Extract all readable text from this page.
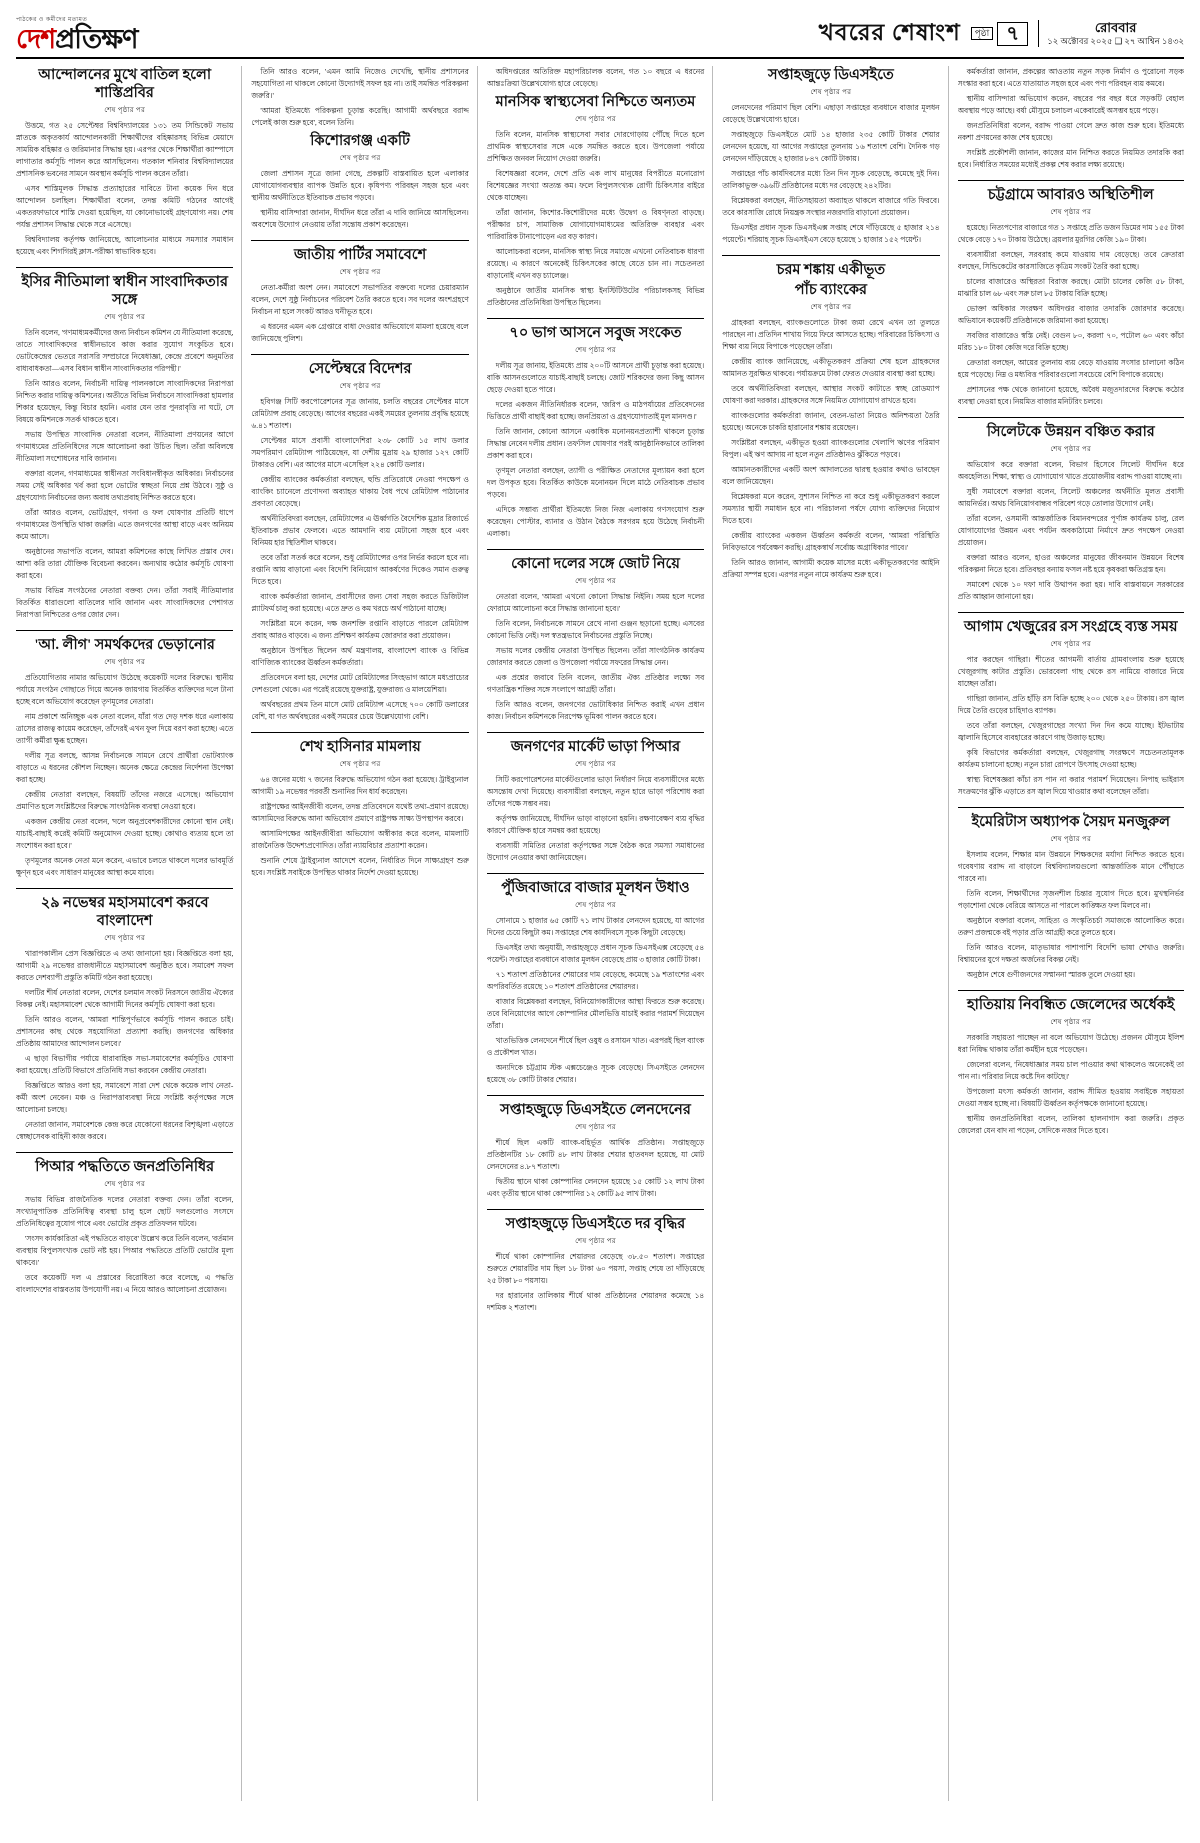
পাঠকের ও কর্মীদের মতামত
দেশপ্রতিক্ষণ	খবরের শেষাংশ	পৃষ্ঠা ৭	রোববার
১২ অক্টোবর ২০২৫ ❑ ২৭ আশ্বিন ১৪৩২
আন্দোলনের মুখে বাতিল হলো শাস্তিপ্রবির
শেষ পৃষ্ঠার পর

উত্তমে, গত ২৫ সেপ্টেম্বর বিশ্ববিদ্যালয়ের ১৩১ তম সিন্ডিকেট সভায় স্নাতকে অকৃতকার্য আন্দোলনকারী শিক্ষার্থীদের বহিষ্কারসহ বিভিন্ন মেয়াদে সাময়িক বহিষ্কার ও জরিমানার সিদ্ধান্ত হয়। এরপর থেকে শিক্ষার্থীরা ক্যাম্পাসে লাগাতার কর্মসূচি পালন করে আসছিলেন। গতকাল শনিবার বিশ্ববিদ্যালয়ের প্রশাসনিক ভবনের সামনে অবস্থান কর্মসূচি পালন করেন তাঁরা।

এসব শাস্তিমূলক সিদ্ধান্ত প্রত্যাহারের দাবিতে টানা কয়েক দিন ধরে আন্দোলন চলছিল। শিক্ষার্থীরা বলেন, তদন্ত কমিটি গঠনের আগেই একতরফাভাবে শাস্তি দেওয়া হয়েছিল, যা কোনোভাবেই গ্রহণযোগ্য নয়। শেষ পর্যন্ত প্রশাসন সিদ্ধান্ত থেকে সরে এসেছে।

বিশ্ববিদ্যালয় কর্তৃপক্ষ জানিয়েছে, আলোচনার মাধ্যমে সমস্যার সমাধান হয়েছে এবং শিগগিরই ক্লাস-পরীক্ষা স্বাভাবিক হবে।

ইসির নীতিমালা স্বাধীন সাংবাদিকতার সঙ্গে
শেষ পৃষ্ঠার পর

তিনি বলেন, 'গণমাধ্যমকর্মীদের জন্য নির্বাচন কমিশন যে নীতিমালা করেছে, তাতে সাংবাদিকদের স্বাধীনভাবে কাজ করার সুযোগ সংকুচিত হবে। ভোটকেন্দ্রের ভেতরে সরাসরি সম্প্রচারে নিষেধাজ্ঞা, কেন্দ্রে প্রবেশে অনুমতির বাধ্যবাধকতা—এসব বিধান স্বাধীন সাংবাদিকতার পরিপন্থী।'

তিনি আরও বলেন, নির্বাচনী দায়িত্ব পালনকালে সাংবাদিকদের নিরাপত্তা নিশ্চিত করার দায়িত্ব কমিশনের। অতীতে বিভিন্ন নির্বাচনে সাংবাদিকরা হামলার শিকার হয়েছেন, কিন্তু বিচার হয়নি। এবার যেন তার পুনরাবৃত্তি না ঘটে, সে বিষয়ে কমিশনকে সতর্ক থাকতে হবে।

সভায় উপস্থিত সাংবাদিক নেতারা বলেন, নীতিমালা প্রণয়নের আগে গণমাধ্যমের প্রতিনিধিদের সঙ্গে আলোচনা করা উচিত ছিল। তাঁরা অবিলম্বে নীতিমালা সংশোধনের দাবি জানান।

বক্তারা বলেন, গণমাধ্যমের স্বাধীনতা সংবিধানস্বীকৃত অধিকার। নির্বাচনের সময় সেই অধিকার খর্ব করা হলে ভোটের স্বচ্ছতা নিয়ে প্রশ্ন উঠবে। সুষ্ঠু ও গ্রহণযোগ্য নির্বাচনের জন্য অবাধ তথ্যপ্রবাহ নিশ্চিত করতে হবে।

তাঁরা আরও বলেন, ভোটগ্রহণ, গণনা ও ফল ঘোষণার প্রতিটি ধাপে গণমাধ্যমের উপস্থিতি থাকা জরুরি। এতে জনগণের আস্থা বাড়ে এবং অনিয়ম কমে আসে।

অনুষ্ঠানের সভাপতি বলেন, আমরা কমিশনের কাছে লিখিত প্রস্তাব দেব। আশা করি তারা যৌক্তিক বিবেচনা করবেন। অন্যথায় কঠোর কর্মসূচি ঘোষণা করা হবে।

সভায় বিভিন্ন সংগঠনের নেতারা বক্তব্য দেন। তাঁরা সবাই নীতিমালার বিতর্কিত ধারাগুলো বাতিলের দাবি জানান এবং সাংবাদিকদের পেশাগত নিরাপত্তা নিশ্চিতের ওপর জোর দেন।

'আ. লীগ' সমর্থকদের ভেড়ানোর
শেষ পৃষ্ঠার পর

প্রতিযোগিতায় নামার অভিযোগ উঠেছে কয়েকটি দলের বিরুদ্ধে। স্থানীয় পর্যায়ে সংগঠন গোছাতে গিয়ে অনেক জায়গায় বিতর্কিত ব্যক্তিদের দলে টানা হচ্ছে বলে অভিযোগ করেছেন তৃণমূলের নেতারা।

নাম প্রকাশে অনিচ্ছুক এক নেতা বলেন, যাঁরা গত দেড় দশক ধরে এলাকায় ত্রাসের রাজত্ব কায়েম করেছেন, তাঁদেরই এখন ফুল দিয়ে বরণ করা হচ্ছে। এতে ত্যাগী কর্মীরা ক্ষুব্ধ হচ্ছেন।

দলীয় সূত্র বলছে, আসন্ন নির্বাচনকে সামনে রেখে প্রার্থীরা ভোটব্যাংক বাড়াতে এ ধরনের কৌশল নিচ্ছেন। অনেক ক্ষেত্রে কেন্দ্রের নির্দেশনা উপেক্ষা করা হচ্ছে।

কেন্দ্রীয় নেতারা বলছেন, বিষয়টি তাঁদের নজরে এসেছে। অভিযোগ প্রমাণিত হলে সংশ্লিষ্টদের বিরুদ্ধে সাংগঠনিক ব্যবস্থা নেওয়া হবে।

একজন কেন্দ্রীয় নেতা বলেন, 'দলে অনুপ্রবেশকারীদের কোনো স্থান নেই। যাচাই-বাছাই করেই কমিটি অনুমোদন দেওয়া হচ্ছে। কোথাও ব্যত্যয় হলে তা সংশোধন করা হবে।'

তৃণমূলের অনেক নেতা মনে করেন, এভাবে চলতে থাকলে দলের ভাবমূর্তি ক্ষুণ্ন হবে এবং সাধারণ মানুষের আস্থা কমে যাবে।

২৯ নভেম্বর মহাসমাবেশ করবে বাংলাদেশ
শেষ পৃষ্ঠার পর

খারাপকালীন প্রেস বিজ্ঞপ্তিতে এ তথ্য জানানো হয়। বিজ্ঞপ্তিতে বলা হয়, আগামী ২৯ নভেম্বর রাজধানীতে মহাসমাবেশ অনুষ্ঠিত হবে। সমাবেশ সফল করতে দেশব্যাপী প্রস্তুতি কমিটি গঠন করা হয়েছে।

দলটির শীর্ষ নেতারা বলেন, দেশের চলমান সংকট নিরসনে জাতীয় ঐক্যের বিকল্প নেই। মহাসমাবেশ থেকে আগামী দিনের কর্মসূচি ঘোষণা করা হবে।

তিনি আরও বলেন, 'আমরা শান্তিপূর্ণভাবে কর্মসূচি পালন করতে চাই। প্রশাসনের কাছ থেকে সহযোগিতা প্রত্যাশা করছি। জনগণের অধিকার প্রতিষ্ঠায় আমাদের আন্দোলন চলবে।'

এ ছাড়া বিভাগীয় পর্যায়ে ধারাবাহিক সভা-সমাবেশের কর্মসূচিও ঘোষণা করা হয়েছে। প্রতিটি বিভাগে প্রতিনিধি সভা করবেন কেন্দ্রীয় নেতারা।

বিজ্ঞপ্তিতে আরও বলা হয়, সমাবেশে সারা দেশ থেকে কয়েক লাখ নেতা-কর্মী অংশ নেবেন। মঞ্চ ও নিরাপত্তাব্যবস্থা নিয়ে সংশ্লিষ্ট কর্তৃপক্ষের সঙ্গে আলোচনা চলছে।

নেতারা জানান, সমাবেশকে কেন্দ্র করে যেকোনো ধরনের বিশৃঙ্খলা এড়াতে স্বেচ্ছাসেবক বাহিনী কাজ করবে।

পিআর পদ্ধতিতে জনপ্রতিনিধির
শেষ পৃষ্ঠার পর

সভায় বিভিন্ন রাজনৈতিক দলের নেতারা বক্তব্য দেন। তাঁরা বলেন, সংখ্যানুপাতিক প্রতিনিধিত্ব ব্যবস্থা চালু হলে ছোট দলগুলোও সংসদে প্রতিনিধিত্বের সুযোগ পাবে এবং ভোটের প্রকৃত প্রতিফলন ঘটবে।

'সংসদ কার্যকারিতা এই পদ্ধতিতে বাড়বে' উল্লেখ করে তিনি বলেন, 'বর্তমান ব্যবস্থায় বিপুলসংখ্যক ভোট নষ্ট হয়। পিআর পদ্ধতিতে প্রতিটি ভোটের মূল্য থাকবে।'

তবে কয়েকটি দল এ প্রস্তাবের বিরোধিতা করে বলেছে, এ পদ্ধতি বাংলাদেশের বাস্তবতায় উপযোগী নয়। এ নিয়ে আরও আলোচনা প্রয়োজন।

তিনি আরও বলেন, 'এমন আমি নিজেও দেখেছি, স্থানীয় প্রশাসনের সহযোগিতা না থাকলে কোনো উদ্যোগই সফল হয় না। তাই সমন্বিত পরিকল্পনা জরুরি।'

'আমরা ইতিমধ্যে পরিকল্পনা চূড়ান্ত করেছি। আগামী অর্থবছরে বরাদ্দ পেলেই কাজ শুরু হবে', বলেন তিনি।

কিশোরগঞ্জ একটি
শেষ পৃষ্ঠার পর

জেলা প্রশাসন সূত্রে জানা গেছে, প্রকল্পটি বাস্তবায়িত হলে এলাকার যোগাযোগব্যবস্থার ব্যাপক উন্নতি হবে। কৃষিপণ্য পরিবহন সহজ হবে এবং স্থানীয় অর্থনীতিতে ইতিবাচক প্রভাব পড়বে।

স্থানীয় বাসিন্দারা জানান, দীর্ঘদিন ধরে তাঁরা এ দাবি জানিয়ে আসছিলেন। অবশেষে উদ্যোগ নেওয়ায় তাঁরা সন্তোষ প্রকাশ করেছেন।

জাতীয় পার্টির সমাবেশে
শেষ পৃষ্ঠার পর

নেতা-কর্মীরা অংশ নেন। সমাবেশে সভাপতির বক্তব্যে দলের চেয়ারম্যান বলেন, দেশে সুষ্ঠু নির্বাচনের পরিবেশ তৈরি করতে হবে। সব দলের অংশগ্রহণে নির্বাচন না হলে সংকট আরও ঘনীভূত হবে।

এ ধরনের এমন এক গ্রেপ্তারে বাধা দেওয়ার অভিযোগে মামলা হয়েছে বলে জানিয়েছে পুলিশ।

সেপ্টেম্বরে বিদেশর
শেষ পৃষ্ঠার পর

হবিগঞ্জ সিটি করপোরেশনের সূত্র জানায়, চলতি বছরের সেপ্টেম্বর মাসে রেমিট্যান্স প্রবাহ বেড়েছে। আগের বছরের একই সময়ের তুলনায় প্রবৃদ্ধি হয়েছে ৬.৪১ শতাংশ।

সেপ্টেম্বর মাসে প্রবাসী বাংলাদেশিরা ২৩৮ কোটি ১৫ লাখ ডলার সমপরিমাণ রেমিট্যান্স পাঠিয়েছেন, যা দেশীয় মুদ্রায় ২৯ হাজার ১২৭ কোটি টাকারও বেশি। এর আগের মাসে এসেছিল ২২৪ কোটি ডলার।

কেন্দ্রীয় ব্যাংকের কর্মকর্তারা বলছেন, হুন্ডি প্রতিরোধে নেওয়া পদক্ষেপ ও ব্যাংকিং চ্যানেলে প্রণোদনা অব্যাহত থাকায় বৈধ পথে রেমিট্যান্স পাঠানোর প্রবণতা বেড়েছে।

অর্থনীতিবিদরা বলছেন, রেমিট্যান্সের এ ঊর্ধ্বগতি বৈদেশিক মুদ্রার রিজার্ভে ইতিবাচক প্রভাব ফেলবে। এতে আমদানি ব্যয় মেটানো সহজ হবে এবং বিনিময় হার স্থিতিশীল থাকবে।

তবে তাঁরা সতর্ক করে বলেন, শুধু রেমিট্যান্সের ওপর নির্ভর করলে হবে না। রপ্তানি আয় বাড়ানো এবং বিদেশি বিনিয়োগ আকর্ষণের দিকেও সমান গুরুত্ব দিতে হবে।

ব্যাংক কর্মকর্তারা জানান, প্রবাসীদের জন্য সেবা সহজ করতে ডিজিটাল প্ল্যাটফর্ম চালু করা হয়েছে। এতে দ্রুত ও কম খরচে অর্থ পাঠানো যাচ্ছে।

সংশ্লিষ্টরা মনে করেন, দক্ষ জনশক্তি রপ্তানি বাড়াতে পারলে রেমিট্যান্স প্রবাহ আরও বাড়বে। এ জন্য প্রশিক্ষণ কার্যক্রম জোরদার করা প্রয়োজন।

অনুষ্ঠানে উপস্থিত ছিলেন অর্থ মন্ত্রণালয়, বাংলাদেশ ব্যাংক ও বিভিন্ন বাণিজ্যিক ব্যাংকের ঊর্ধ্বতন কর্মকর্তারা।

প্রতিবেদনে বলা হয়, দেশের মোট রেমিট্যান্সের সিংহভাগ আসে মধ্যপ্রাচ্যের দেশগুলো থেকে। এর পরেই রয়েছে যুক্তরাষ্ট্র, যুক্তরাজ্য ও মালয়েশিয়া।

অর্থবছরের প্রথম তিন মাসে মোট রেমিট্যান্স এসেছে ৭০০ কোটি ডলারের বেশি, যা গত অর্থবছরের একই সময়ের চেয়ে উল্লেখযোগ্য বেশি।

শেখ হাসিনার মামলায়
শেষ পৃষ্ঠার পর

৬৪ জনের মধ্যে ৭ জনের বিরুদ্ধে অভিযোগ গঠন করা হয়েছে। ট্রাইব্যুনাল আগামী ১৯ নভেম্বর পরবর্তী শুনানির দিন ধার্য করেছেন।

রাষ্ট্রপক্ষের আইনজীবী বলেন, তদন্ত প্রতিবেদনে যথেষ্ট তথ্য-প্রমাণ রয়েছে। আসামিদের বিরুদ্ধে আনা অভিযোগ প্রমাণে রাষ্ট্রপক্ষ সাক্ষ্য উপস্থাপন করবে।

আসামিপক্ষের আইনজীবীরা অভিযোগ অস্বীকার করে বলেন, মামলাটি রাজনৈতিক উদ্দেশ্যপ্রণোদিত। তাঁরা ন্যায়বিচার প্রত্যাশা করেন।

শুনানি শেষে ট্রাইব্যুনাল আদেশে বলেন, নির্ধারিত দিনে সাক্ষ্যগ্রহণ শুরু হবে। সংশ্লিষ্ট সবাইকে উপস্থিত থাকার নির্দেশ দেওয়া হয়েছে।

অধিদপ্তরের অতিরিক্ত মহাপরিচালক বলেন, গত ১০ বছরে এ ধরনের আন্তঃক্রিয়া উল্লেখযোগ্য হারে বেড়েছে।

মানসিক স্বাস্থ্যসেবা নিশ্চিতে অন্যতম
শেষ পৃষ্ঠার পর

তিনি বলেন, মানসিক স্বাস্থ্যসেবা সবার দোরগোড়ায় পৌঁছে দিতে হলে প্রাথমিক স্বাস্থ্যসেবার সঙ্গে একে সমন্বিত করতে হবে। উপজেলা পর্যায়ে প্রশিক্ষিত জনবল নিয়োগ দেওয়া জরুরি।

বিশেষজ্ঞরা বলেন, দেশে প্রতি এক লাখ মানুষের বিপরীতে মনোরোগ বিশেষজ্ঞের সংখ্যা অত্যন্ত কম। ফলে বিপুলসংখ্যক রোগী চিকিৎসার বাইরে থেকে যাচ্ছেন।

তাঁরা জানান, কিশোর-কিশোরীদের মধ্যে উদ্বেগ ও বিষণ্নতা বাড়ছে। পরীক্ষার চাপ, সামাজিক যোগাযোগমাধ্যমের অতিরিক্ত ব্যবহার এবং পারিবারিক টানাপোড়েন এর বড় কারণ।

আলোচকরা বলেন, মানসিক স্বাস্থ্য নিয়ে সমাজে এখনো নেতিবাচক ধারণা রয়েছে। এ কারণে অনেকেই চিকিৎসকের কাছে যেতে চান না। সচেতনতা বাড়ানোই এখন বড় চ্যালেঞ্জ।

অনুষ্ঠানে জাতীয় মানসিক স্বাস্থ্য ইনস্টিটিউটের পরিচালকসহ বিভিন্ন প্রতিষ্ঠানের প্রতিনিধিরা উপস্থিত ছিলেন।

৭০ ভাগ আসনে সবুজ সংকেত
শেষ পৃষ্ঠার পর

দলীয় সূত্র জানায়, ইতিমধ্যে প্রায় ২০০টি আসনে প্রার্থী চূড়ান্ত করা হয়েছে। বাকি আসনগুলোতে যাচাই-বাছাই চলছে। জোট শরিকদের জন্য কিছু আসন ছেড়ে দেওয়া হতে পারে।

দলের একজন নীতিনির্ধারক বলেন, 'জরিপ ও মাঠপর্যায়ের প্রতিবেদনের ভিত্তিতে প্রার্থী বাছাই করা হচ্ছে। জনপ্রিয়তা ও গ্রহণযোগ্যতাই মূল মানদণ্ড।'

তিনি জানান, কোনো আসনে একাধিক মনোনয়নপ্রত্যাশী থাকলে চূড়ান্ত সিদ্ধান্ত নেবেন দলীয় প্রধান। তফসিল ঘোষণার পরই আনুষ্ঠানিকভাবে তালিকা প্রকাশ করা হবে।

তৃণমূল নেতারা বলছেন, ত্যাগী ও পরীক্ষিত নেতাদের মূল্যায়ন করা হলে দল উপকৃত হবে। বিতর্কিত কাউকে মনোনয়ন দিলে মাঠে নেতিবাচক প্রভাব পড়বে।

এদিকে সম্ভাব্য প্রার্থীরা ইতিমধ্যে নিজ নিজ এলাকায় গণসংযোগ শুরু করেছেন। পোস্টার, ব্যানার ও উঠান বৈঠকে সরগরম হয়ে উঠেছে নির্বাচনী এলাকা।

কোনো দলের সঙ্গে জোট নিয়ে
শেষ পৃষ্ঠার পর

নেতারা বলেন, 'আমরা এখনো কোনো সিদ্ধান্ত নিইনি। সময় হলে দলের ফোরামে আলোচনা করে সিদ্ধান্ত জানানো হবে।'

তিনি বলেন, নির্বাচনকে সামনে রেখে নানা গুঞ্জন ছড়ানো হচ্ছে। এসবের কোনো ভিত্তি নেই। দল স্বতন্ত্রভাবে নির্বাচনের প্রস্তুতি নিচ্ছে।

সভায় দলের কেন্দ্রীয় নেতারা উপস্থিত ছিলেন। তাঁরা সাংগঠনিক কার্যক্রম জোরদার করতে জেলা ও উপজেলা পর্যায়ে সফরের সিদ্ধান্ত নেন।

এক প্রশ্নের জবাবে তিনি বলেন, জাতীয় ঐক্য প্রতিষ্ঠার লক্ষ্যে সব গণতান্ত্রিক শক্তির সঙ্গে সংলাপে আগ্রহী তাঁরা।

তিনি আরও বলেন, জনগণের ভোটাধিকার নিশ্চিত করাই এখন প্রধান কাজ। নির্বাচন কমিশনকে নিরপেক্ষ ভূমিকা পালন করতে হবে।

জনগণের মার্কেট ভাড়া পিআর
শেষ পৃষ্ঠার পর

সিটি করপোরেশনের মার্কেটগুলোর ভাড়া নির্ধারণ নিয়ে ব্যবসায়ীদের মধ্যে অসন্তোষ দেখা দিয়েছে। ব্যবসায়ীরা বলছেন, নতুন হারে ভাড়া পরিশোধ করা তাঁদের পক্ষে সম্ভব নয়।

কর্তৃপক্ষ জানিয়েছে, দীর্ঘদিন ভাড়া বাড়ানো হয়নি। রক্ষণাবেক্ষণ ব্যয় বৃদ্ধির কারণে যৌক্তিক হারে সমন্বয় করা হয়েছে।

ব্যবসায়ী সমিতির নেতারা কর্তৃপক্ষের সঙ্গে বৈঠক করে সমস্যা সমাধানের উদ্যোগ নেওয়ার কথা জানিয়েছেন।

পুঁজিবাজারে বাজার মূলধন উধাও
শেষ পৃষ্ঠার পর

সোনামে ১ হাজার ৬৫ কোটি ৭১ লাখ টাকার লেনদেন হয়েছে, যা আগের দিনের চেয়ে কিছুটা কম। সপ্তাহের শেষ কার্যদিবসে সূচক কিছুটা বেড়েছে।

ডিএসইর তথ্য অনুযায়ী, সপ্তাহজুড়ে প্রধান সূচক ডিএসইএক্স বেড়েছে ৫৪ পয়েন্ট। সপ্তাহের ব্যবধানে বাজার মূলধন বেড়েছে প্রায় ৩ হাজার কোটি টাকা।

৭১ শতাংশ প্রতিষ্ঠানের শেয়ারের দাম বেড়েছে, কমেছে ১৯ শতাংশের এবং অপরিবর্তিত রয়েছে ১০ শতাংশ প্রতিষ্ঠানের শেয়ারদর।

বাজার বিশ্লেষকরা বলছেন, বিনিয়োগকারীদের আস্থা ফিরতে শুরু করেছে। তবে বিনিয়োগের আগে কোম্পানির মৌলভিত্তি যাচাই করার পরামর্শ দিয়েছেন তাঁরা।

খাতভিত্তিক লেনদেনে শীর্ষে ছিল ওষুধ ও রসায়ন খাত। এরপরই ছিল ব্যাংক ও প্রকৌশল খাত।

অন্যদিকে চট্টগ্রাম স্টক এক্সচেঞ্জেও সূচক বেড়েছে। সিএসইতে লেনদেন হয়েছে ৩৮ কোটি টাকার শেয়ার।

সপ্তাহজুড়ে ডিএসইতে লেনদেনের
শেষ পৃষ্ঠার পর

শীর্ষে ছিল একটি ব্যাংক-বহির্ভূত আর্থিক প্রতিষ্ঠান। সপ্তাহজুড়ে প্রতিষ্ঠানটির ১৮ কোটি ৪৮ লাখ টাকার শেয়ার হাতবদল হয়েছে, যা মোট লেনদেনের ৪.৮৭ শতাংশ।

দ্বিতীয় স্থানে থাকা কোম্পানির লেনদেন হয়েছে ১৫ কোটি ১২ লাখ টাকা এবং তৃতীয় স্থানে থাকা কোম্পানির ১২ কোটি ৯৫ লাখ টাকা।

সপ্তাহজুড়ে ডিএসইতে দর বৃদ্ধির
শেষ পৃষ্ঠার পর

শীর্ষে থাকা কোম্পানির শেয়ারদর বেড়েছে ৩৮.৫০ শতাংশ। সপ্তাহের শুরুতে শেয়ারটির দাম ছিল ১৮ টাকা ৬০ পয়সা, সপ্তাহ শেষে তা দাঁড়িয়েছে ২৫ টাকা ৮০ পয়সায়।

দর হারানোর তালিকায় শীর্ষে থাকা প্রতিষ্ঠানের শেয়ারদর কমেছে ১৪ দশমিক ২ শতাংশ।

সপ্তাহজুড়ে ডিএসইতে
শেষ পৃষ্ঠার পর

লেনদেনের পরিমাণ ছিল বেশি। এছাড়া সপ্তাহের ব্যবধানে বাজার মূলধন বেড়েছে উল্লেখযোগ্য হারে।

সপ্তাহজুড়ে ডিএসইতে মোট ১৪ হাজার ২৩৫ কোটি টাকার শেয়ার লেনদেন হয়েছে, যা আগের সপ্তাহের তুলনায় ১৬ শতাংশ বেশি। দৈনিক গড় লেনদেন দাঁড়িয়েছে ২ হাজার ৮৪৭ কোটি টাকায়।

সপ্তাহের পাঁচ কার্যদিবসের মধ্যে তিন দিন সূচক বেড়েছে, কমেছে দুই দিন। তালিকাভুক্ত ৩৯৬টি প্রতিষ্ঠানের মধ্যে দর বেড়েছে ২৪২টির।

বিশ্লেষকরা বলছেন, নীতিসহায়তা অব্যাহত থাকলে বাজারে গতি ফিরবে। তবে কারসাজি রোধে নিয়ন্ত্রক সংস্থার নজরদারি বাড়ানো প্রয়োজন।

ডিএসইর প্রধান সূচক ডিএসইএক্স সপ্তাহ শেষে দাঁড়িয়েছে ৫ হাজার ২১৪ পয়েন্টে। শরিয়াহ সূচক ডিএসইএস বেড়ে হয়েছে ১ হাজার ১৫২ পয়েন্ট।

চরম শঙ্কায় একীভূত
পাঁচ ব্যাংকের
শেষ পৃষ্ঠার পর

গ্রাহকরা বলছেন, ব্যাংকগুলোতে টাকা জমা রেখে এখন তা তুলতে পারছেন না। প্রতিদিন শাখায় গিয়ে ফিরে আসতে হচ্ছে। পরিবারের চিকিৎসা ও শিক্ষা ব্যয় নিয়ে বিপাকে পড়েছেন তাঁরা।

কেন্দ্রীয় ব্যাংক জানিয়েছে, একীভূতকরণ প্রক্রিয়া শেষ হলে গ্রাহকদের আমানত সুরক্ষিত থাকবে। পর্যায়ক্রমে টাকা ফেরত দেওয়ার ব্যবস্থা করা হচ্ছে।

তবে অর্থনীতিবিদরা বলছেন, আস্থার সংকট কাটাতে স্বচ্ছ রোডম্যাপ ঘোষণা করা দরকার। গ্রাহকদের সঙ্গে নিয়মিত যোগাযোগ রাখতে হবে।

ব্যাংকগুলোর কর্মকর্তারা জানান, বেতন-ভাতা নিয়েও অনিশ্চয়তা তৈরি হয়েছে। অনেকে চাকরি হারানোর শঙ্কায় রয়েছেন।

সংশ্লিষ্টরা বলছেন, একীভূত হওয়া ব্যাংকগুলোর খেলাপি ঋণের পরিমাণ বিপুল। এই ঋণ আদায় না হলে নতুন প্রতিষ্ঠানও ঝুঁকিতে পড়বে।

আমানতকারীদের একটি অংশ আদালতের দ্বারস্থ হওয়ার কথাও ভাবছেন বলে জানিয়েছেন।

বিশ্লেষকরা মনে করেন, সুশাসন নিশ্চিত না করে শুধু একীভূতকরণ করলে সমস্যার স্থায়ী সমাধান হবে না। পরিচালনা পর্ষদে যোগ্য ব্যক্তিদের নিয়োগ দিতে হবে।

কেন্দ্রীয় ব্যাংকের একজন ঊর্ধ্বতন কর্মকর্তা বলেন, 'আমরা পরিস্থিতি নিবিড়ভাবে পর্যবেক্ষণ করছি। গ্রাহকস্বার্থ সর্বোচ্চ অগ্রাধিকার পাবে।'

তিনি আরও জানান, আগামী কয়েক মাসের মধ্যে একীভূতকরণের আইনি প্রক্রিয়া সম্পন্ন হবে। এরপর নতুন নামে কার্যক্রম শুরু হবে।

কর্মকর্তারা জানান, প্রকল্পের আওতায় নতুন সড়ক নির্মাণ ও পুরোনো সড়ক সংস্কার করা হবে। এতে যাতায়াত সহজ হবে এবং পণ্য পরিবহন ব্যয় কমবে।

স্থানীয় বাসিন্দারা অভিযোগ করেন, বছরের পর বছর ধরে সড়কটি বেহাল অবস্থায় পড়ে আছে। বর্ষা মৌসুমে চলাচল একেবারেই অসম্ভব হয়ে পড়ে।

জনপ্রতিনিধিরা বলেন, বরাদ্দ পাওয়া গেলে দ্রুত কাজ শুরু হবে। ইতিমধ্যে নকশা প্রণয়নের কাজ শেষ হয়েছে।

সংশ্লিষ্ট প্রকৌশলী জানান, কাজের মান নিশ্চিত করতে নিয়মিত তদারকি করা হবে। নির্ধারিত সময়ের মধ্যেই প্রকল্প শেষ করার লক্ষ্য রয়েছে।

চট্টগ্রামে আবারও অস্থিতিশীল
শেষ পৃষ্ঠার পর

হয়েছে। নিত্যপণ্যের বাজারে গত ১ সপ্তাহে প্রতি ডজন ডিমের দাম ১৫৫ টাকা থেকে বেড়ে ১৭০ টাকায় উঠেছে। ব্রয়লার মুরগির কেজি ১৯০ টাকা।

ব্যবসায়ীরা বলছেন, সরবরাহ কমে যাওয়ায় দাম বেড়েছে। তবে ক্রেতারা বলছেন, সিন্ডিকেটের কারসাজিতে কৃত্রিম সংকট তৈরি করা হচ্ছে।

চালের বাজারেও অস্থিরতা বিরাজ করছে। মোটা চালের কেজি ৫৮ টাকা, মাঝারি চাল ৬৮ এবং সরু চাল ৮৫ টাকায় বিক্রি হচ্ছে।

ভোক্তা অধিকার সংরক্ষণ অধিদপ্তর বাজার তদারকি জোরদার করেছে। অভিযানে কয়েকটি প্রতিষ্ঠানকে জরিমানা করা হয়েছে।

সবজির বাজারেও স্বস্তি নেই। বেগুন ৮০, করলা ৭০, পটোল ৬০ এবং কাঁচা মরিচ ১৮০ টাকা কেজি দরে বিক্রি হচ্ছে।

ক্রেতারা বলছেন, আয়ের তুলনায় ব্যয় বেড়ে যাওয়ায় সংসার চালানো কঠিন হয়ে পড়েছে। নিম্ন ও মধ্যবিত্ত পরিবারগুলো সবচেয়ে বেশি বিপাকে রয়েছে।

প্রশাসনের পক্ষ থেকে জানানো হয়েছে, অবৈধ মজুতদারদের বিরুদ্ধে কঠোর ব্যবস্থা নেওয়া হবে। নিয়মিত বাজার মনিটরিং চলবে।

সিলেটকে উন্নয়ন বঞ্চিত করার
শেষ পৃষ্ঠার পর

অভিযোগ করে বক্তারা বলেন, বিভাগ হিসেবে সিলেট দীর্ঘদিন ধরে অবহেলিত। শিক্ষা, স্বাস্থ্য ও যোগাযোগ খাতে প্রয়োজনীয় বরাদ্দ পাওয়া যাচ্ছে না।

সুধী সমাবেশে বক্তারা বলেন, সিলেট অঞ্চলের অর্থনীতি মূলত প্রবাসী আয়নির্ভর। অথচ বিনিয়োগবান্ধব পরিবেশ গড়ে তোলার উদ্যোগ নেই।

তাঁরা বলেন, ওসমানী আন্তর্জাতিক বিমানবন্দরের পূর্ণাঙ্গ কার্যক্রম চালু, রেল যোগাযোগের উন্নয়ন এবং পর্যটন অবকাঠামো নির্মাণে দ্রুত পদক্ষেপ নেওয়া প্রয়োজন।

বক্তারা আরও বলেন, হাওর অঞ্চলের মানুষের জীবনমান উন্নয়নে বিশেষ পরিকল্পনা নিতে হবে। প্রতিবছর বন্যায় ফসল নষ্ট হয়ে কৃষকরা ক্ষতিগ্রস্ত হন।

সমাবেশ থেকে ১০ দফা দাবি উত্থাপন করা হয়। দাবি বাস্তবায়নে সরকারের প্রতি আহ্বান জানানো হয়।

আগাম খেজুরের রস সংগ্রহে ব্যস্ত সময়
শেষ পৃষ্ঠার পর

পার করছেন গাছিরা। শীতের আগমনী বার্তায় গ্রামবাংলায় শুরু হয়েছে খেজুরগাছ কাটার প্রস্তুতি। ভোরবেলা গাছ থেকে রস নামিয়ে বাজারে নিয়ে যাচ্ছেন তাঁরা।

গাছিরা জানান, প্রতি হাঁড়ি রস বিক্রি হচ্ছে ২০০ থেকে ২৫০ টাকায়। রস জ্বাল দিয়ে তৈরি গুড়ের চাহিদাও ব্যাপক।

তবে তাঁরা বলছেন, খেজুরগাছের সংখ্যা দিন দিন কমে যাচ্ছে। ইটভাটায় জ্বালানি হিসেবে ব্যবহারের কারণে গাছ উজাড় হচ্ছে।

কৃষি বিভাগের কর্মকর্তারা বলছেন, খেজুরগাছ সংরক্ষণে সচেতনতামূলক কার্যক্রম চালানো হচ্ছে। নতুন চারা রোপণে উৎসাহ দেওয়া হচ্ছে।

স্বাস্থ্য বিশেষজ্ঞরা কাঁচা রস পান না করার পরামর্শ দিয়েছেন। নিপাহ ভাইরাস সংক্রমণের ঝুঁকি এড়াতে রস জ্বাল দিয়ে খাওয়ার কথা বলেছেন তাঁরা।

ইমেরিটাস অধ্যাপক সৈয়দ মনজুরুল
শেষ পৃষ্ঠার পর

ইসলাম বলেন, শিক্ষার মান উন্নয়নে শিক্ষকদের মর্যাদা নিশ্চিত করতে হবে। গবেষণায় বরাদ্দ না বাড়ালে বিশ্ববিদ্যালয়গুলো আন্তর্জাতিক মানে পৌঁছাতে পারবে না।

তিনি বলেন, শিক্ষার্থীদের সৃজনশীল চিন্তার সুযোগ দিতে হবে। মুখস্থনির্ভর পড়াশোনা থেকে বেরিয়ে আসতে না পারলে কাঙ্ক্ষিত ফল মিলবে না।

অনুষ্ঠানে বক্তারা বলেন, সাহিত্য ও সংস্কৃতিচর্চা সমাজকে আলোকিত করে। তরুণ প্রজন্মকে বই পড়ার প্রতি আগ্রহী করে তুলতে হবে।

তিনি আরও বলেন, মাতৃভাষার পাশাপাশি বিদেশি ভাষা শেখাও জরুরি। বিশ্বায়নের যুগে দক্ষতা অর্জনের বিকল্প নেই।

অনুষ্ঠান শেষে গুণীজনদের সম্মাননা স্মারক তুলে দেওয়া হয়।

হাতিয়ায় নিবন্ধিত জেলেদের অর্ধেকই
শেষ পৃষ্ঠার পর

সরকারি সহায়তা পাচ্ছেন না বলে অভিযোগ উঠেছে। প্রজনন মৌসুমে ইলিশ ধরা নিষিদ্ধ থাকায় তাঁরা কর্মহীন হয়ে পড়েছেন।

জেলেরা বলেন, 'নিষেধাজ্ঞার সময় চাল পাওয়ার কথা থাকলেও অনেকেই তা পান না। পরিবার নিয়ে কষ্টে দিন কাটছে।'

উপজেলা মৎস্য কর্মকর্তা জানান, বরাদ্দ সীমিত হওয়ায় সবাইকে সহায়তা দেওয়া সম্ভব হচ্ছে না। বিষয়টি ঊর্ধ্বতন কর্তৃপক্ষকে জানানো হয়েছে।

স্থানীয় জনপ্রতিনিধিরা বলেন, তালিকা হালনাগাদ করা জরুরি। প্রকৃত জেলেরা যেন বাদ না পড়েন, সেদিকে নজর দিতে হবে।
